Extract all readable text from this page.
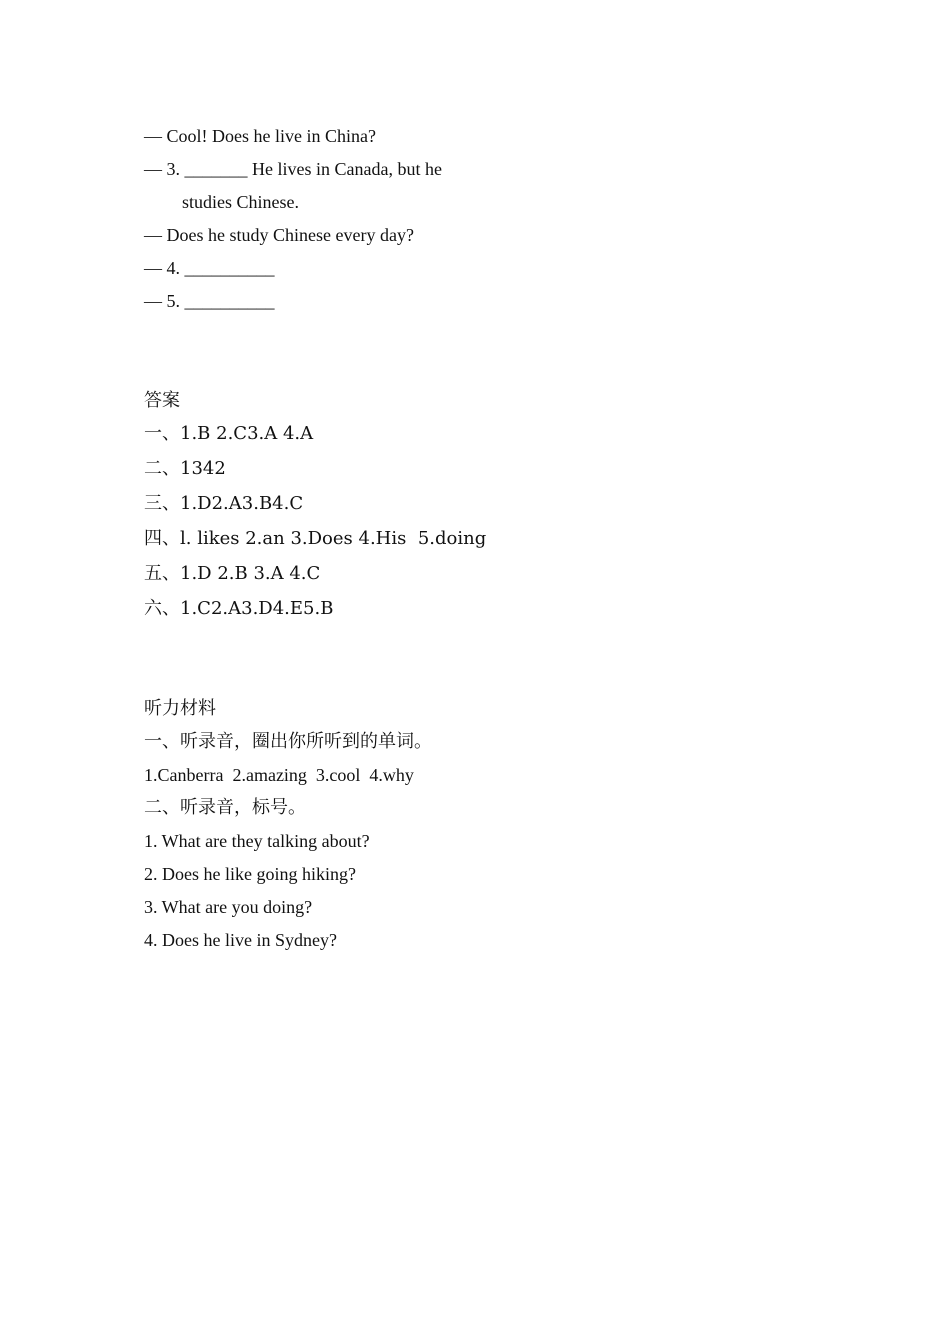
— Cool! Does he live in China?
— 3. _______ He lives in Canada, but he
studies Chinese.
— Does he study Chinese every day?
— 4. __________
— 5. __________
答案
一、1.B 2.C3.A 4.A
二、1342
三、1.D2.A3.B4.C
四、l. likes 2.an 3.Does 4.His  5.doing
五、1.D 2.B 3.A 4.C
六、1.C2.A3.D4.E5.B
听力材料
一、听录音，圈出你所听到的单词。
1.Canberra  2.amazing  3.cool  4.why
二、听录音，标号。
1. What are they talking about?
2. Does he like going hiking?
3. What are you doing?
4. Does he live in Sydney?
